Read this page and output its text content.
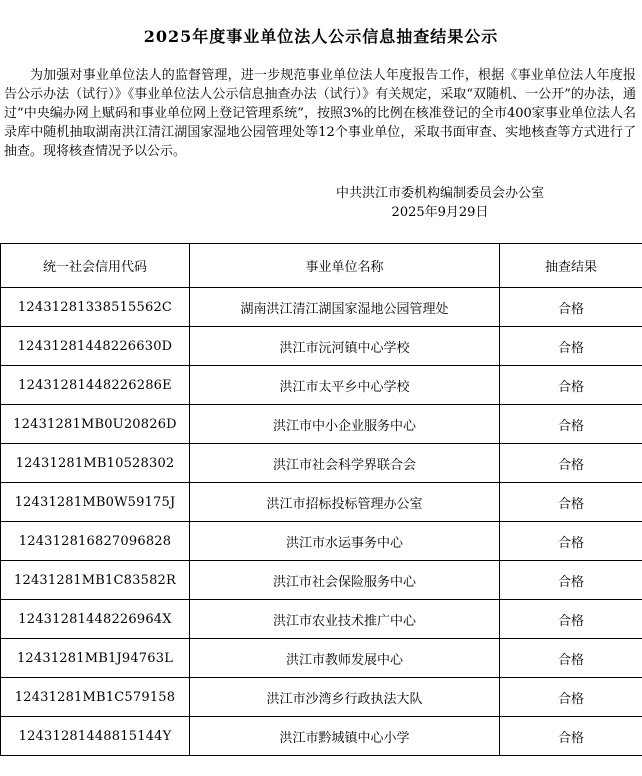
2025年度事业单位法人公示信息抽查结果公示

为加强对事业单位法人的监督管理，进一步规范事业单位法人年度报告工作，根据《事业单位法人年度报告公示办法（试行）》《事业单位法人公示信息抽查办法（试行）》有关规定，采取“双随机、一公开”的办法，通过“中央编办网上赋码和事业单位网上登记管理系统”，按照3%的比例在核准登记的全市400家事业单位法人名录库中随机抽取湖南洪江清江湖国家湿地公园管理处等12个事业单位，采取书面审查、实地核查等方式进行了抽查。现将核查情况予以公示。

中共洪江市委机构编制委员会办公室
2025年9月29日
统一社会信用代码	事业单位名称	抽查结果
12431281338515562C	湖南洪江清江湖国家湿地公园管理处	合格
12431281448226630D	洪江市沅河镇中心学校	合格
12431281448226286E	洪江市太平乡中心学校	合格
12431281MB0U20826D	洪江市中小企业服务中心	合格
12431281MB10528302	洪江市社会科学界联合会	合格
12431281MB0W59175J	洪江市招标投标管理办公室	合格
124312816827096828	洪江市水运事务中心	合格
12431281MB1C83582R	洪江市社会保险服务中心	合格
12431281448226964X	洪江市农业技术推广中心	合格
12431281MB1J94763L	洪江市教师发展中心	合格
12431281MB1C579158	洪江市沙湾乡行政执法大队	合格
12431281448815144Y	洪江市黔城镇中心小学	合格
